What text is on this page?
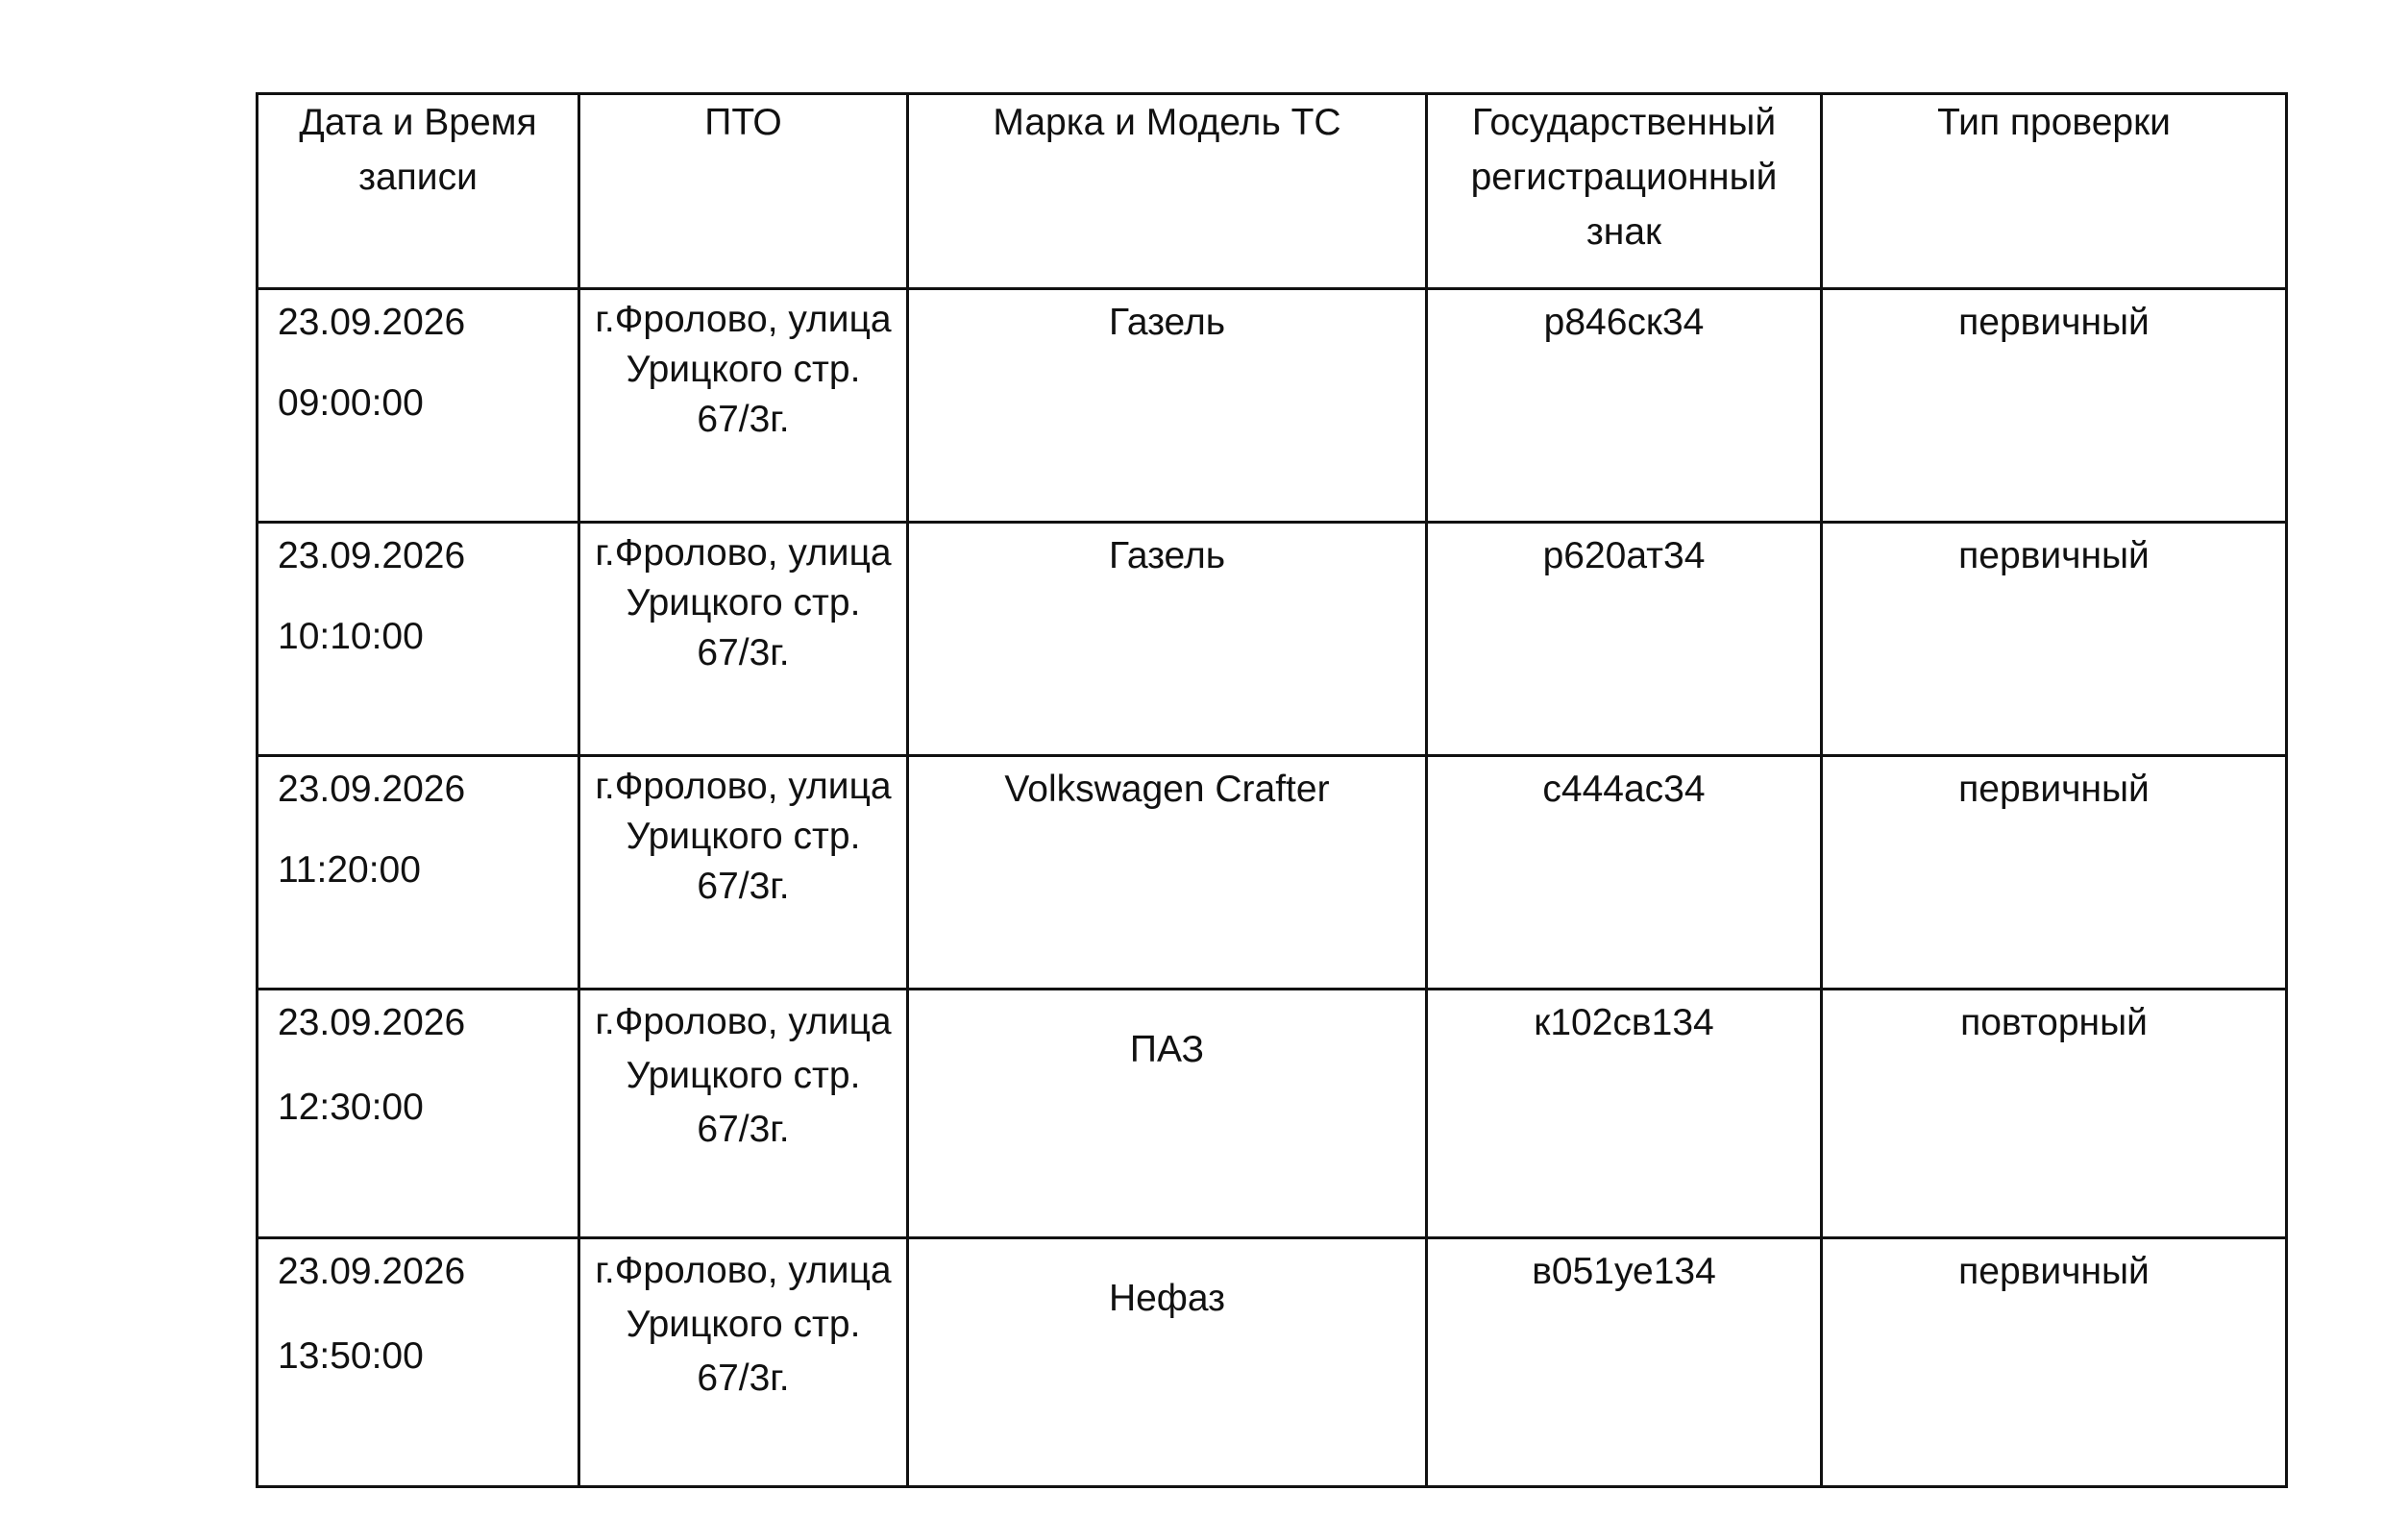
Дата и Время записи	ПТО	Марка и Модель ТС	Государственный регистрационный знак	Тип проверки

23.09.2026
09:00:00	г.Фролово, улица Урицкого стр. 67/3г.	Газель	р846ск34	первичный

23.09.2026
10:10:00	г.Фролово, улица Урицкого стр. 67/3г.	Газель	р620ат34	первичный

23.09.2026
11:20:00	г.Фролово, улица Урицкого стр. 67/3г.	Volkswagen Crafter	с444ас34	первичный

23.09.2026
12:30:00	г.Фролово, улица Урицкого стр. 67/3г.	ПАЗ	к102св134	повторный

23.09.2026
13:50:00	г.Фролово, улица Урицкого стр. 67/3г.	Нефаз	в051уе134	первичный
